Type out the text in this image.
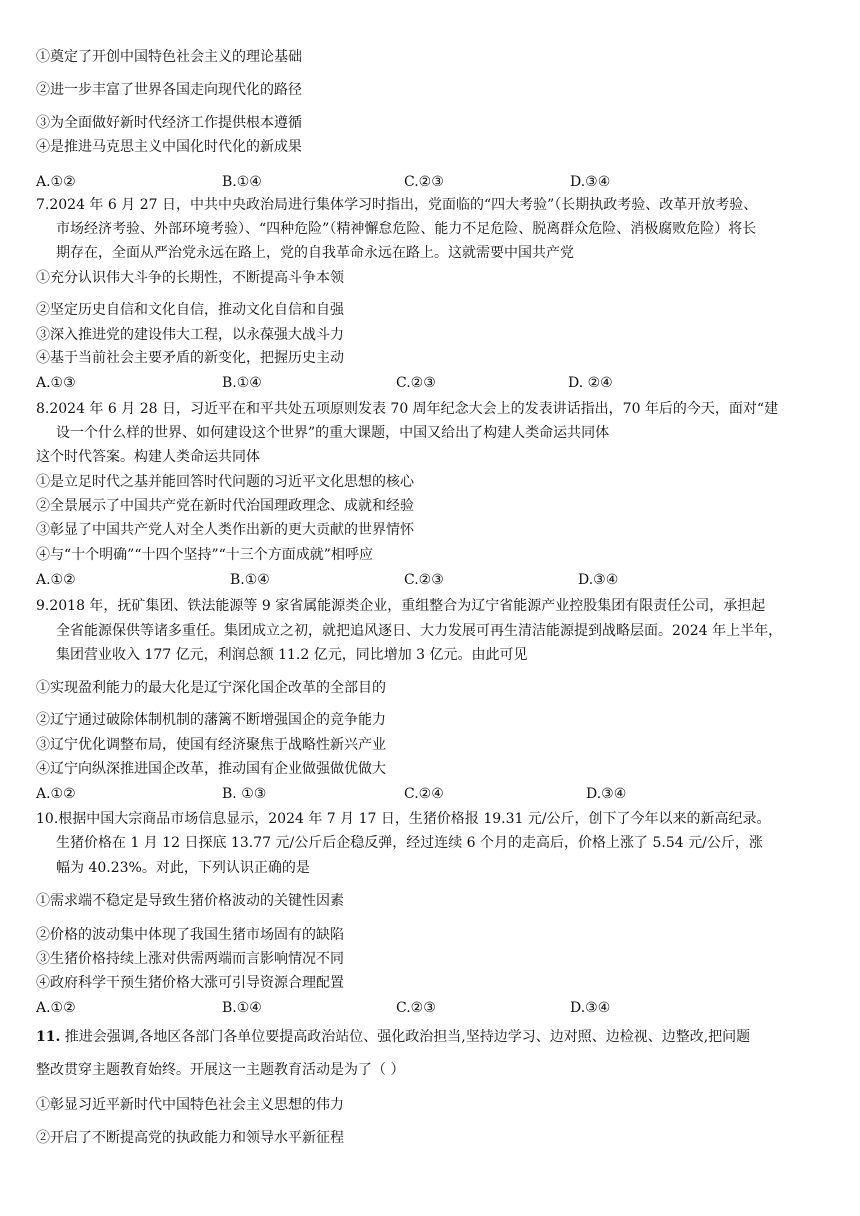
①奠定了开创中国特色社会主义的理论基础
②进一步丰富了世界各国走向现代化的路径
③为全面做好新时代经济工作提供根本遵循
④是推进马克思主义中国化时代化的新成果
A.①②	B.①④	C.②③	D.③④
7.2024 年 6 月 27 日，中共中央政治局进行集体学习时指出，党面临的“四大考验”（长期执政考验、改革开放考验、
市场经济考验、外部环境考验）、“四种危险”（精神懈怠危险、能力不足危险、脱离群众危险、消极腐败危险）将长
期存在，全面从严治党永远在路上，党的自我革命永远在路上。这就需要中国共产党
①充分认识伟大斗争的长期性，不断提高斗争本领
②坚定历史自信和文化自信，推动文化自信和自强
③深入推进党的建设伟大工程，以永葆强大战斗力
④基于当前社会主要矛盾的新变化，把握历史主动
A.①③	B.①④	C.②③	D. ②④
8.2024 年 6 月 28 日，习近平在和平共处五项原则发表 70 周年纪念大会上的发表讲话指出，70 年后的今天，面对“建
设一个什么样的世界、如何建设这个世界”的重大课题，中国又给出了构建人类命运共同体
这个时代答案。构建人类命运共同体
①是立足时代之基并能回答时代问题的习近平文化思想的核心
②全景展示了中国共产党在新时代治国理政理念、成就和经验
③彰显了中国共产党人对全人类作出新的更大贡献的世界情怀
④与“十个明确”“十四个坚持”“十三个方面成就”相呼应
A.①②	B.①④	C.②③	D.③④
9.2018 年，抚矿集团、铁法能源等 9 家省属能源类企业，重组整合为辽宁省能源产业控股集团有限责任公司，承担起
全省能源保供等诸多重任。集团成立之初，就把追风逐日、大力发展可再生清洁能源提到战略层面。2024 年上半年，
集团营业收入 177 亿元，利润总额 11.2 亿元，同比增加 3 亿元。由此可见
①实现盈利能力的最大化是辽宁深化国企改革的全部目的
②辽宁通过破除体制机制的藩篱不断增强国企的竞争能力
③辽宁优化调整布局，使国有经济聚焦于战略性新兴产业
④辽宁向纵深推进国企改革，推动国有企业做强做优做大
A.①②	B. ①③	C.②④	D.③④
10.根据中国大宗商品市场信息显示，2024 年 7 月 17 日，生猪价格报 19.31 元/公斤，创下了今年以来的新高纪录。
生猪价格在 1 月 12 日探底 13.77 元/公斤后企稳反弹，经过连续 6 个月的走高后，价格上涨了 5.54 元/公斤，涨
幅为 40.23%。对此，下列认识正确的是
①需求端不稳定是导致生猪价格波动的关键性因素
②价格的波动集中体现了我国生猪市场固有的缺陷
③生猪价格持续上涨对供需两端而言影响情况不同
④政府科学干预生猪价格大涨可引导资源合理配置
A.①②	B.①④	C.②③	D.③④
11. 推进会强调,各地区各部门各单位要提高政治站位、强化政治担当,坚持边学习、边对照、边检视、边整改,把问题
整改贯穿主题教育始终。开展这一主题教育活动是为了（ ）
①彰显习近平新时代中国特色社会主义思想的伟力
②开启了不断提高党的执政能力和领导水平新征程
